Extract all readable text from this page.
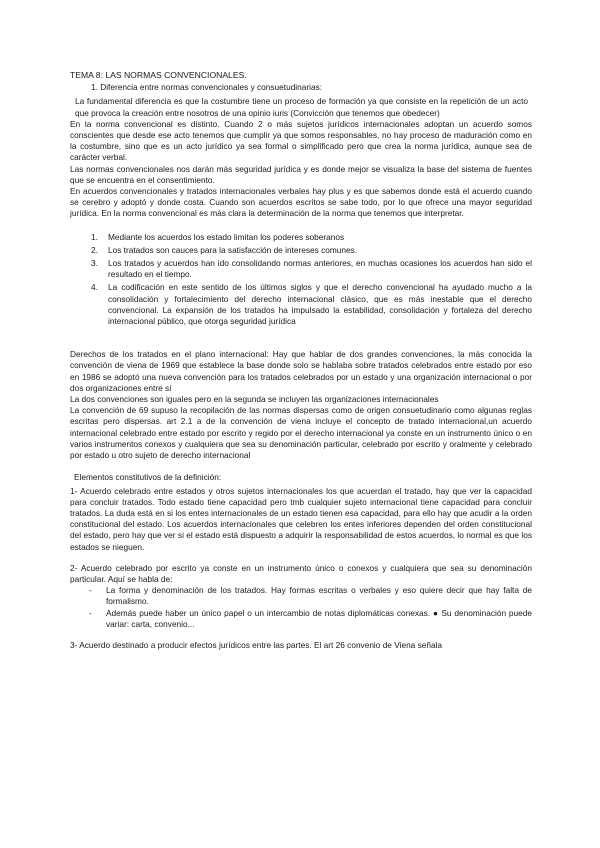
TEMA 8: LAS NORMAS CONVENCIONALES.
1. Diferencia entre normas convencionales y consuetudinarias:

La fundamental diferencia es que la costumbre tiene un proceso de formación ya que consiste en la repetición de un acto que provoca la creación entre nosotros de una opinio iuris (Convicción que tenemos que obedecer)

En la norma convencional es distinto. Cuando 2 o más sujetos jurídicos internacionales adoptan un acuerdo somos conscientes que desde ese acto tenemos que cumplir ya que somos responsables, no hay proceso de maduración como en la costumbre, sino que es un acto jurídico ya sea formal o simplificado pero que crea la norma jurídica, aunque sea de carácter verbal.

Las normas convencionales nos darán más seguridad jurídica y es donde mejor se visualiza la base del sistema de fuentes que se encuentra en el consentimiento.

En acuerdos convencionales y tratados internacionales verbales hay plus y es que sabemos donde está el acuerdo cuando se cerebro y adoptó y donde costa. Cuando son acuerdos escritos se sabe todo, por lo que ofrece una mayor seguridad jurídica. En la norma convencional es más clara la determinación de la norma que tenemos que interpretar.

1. Mediante los acuerdos los estado limitan los poderes soberanos
2. Los tratados son cauces para la satisfacción de intereses comunes.
3. Los tratados y acuerdos han ido consolidando normas anteriores, en muchas ocasiones los acuerdos han sido el resultado en el tiempo.
4. La codificación en este sentido de los últimos siglos y que el derecho convencional ha ayudado mucho a la consolidación y fortalecimiento del derecho internacional clásico, que es más inestable que el derecho convencional. La expansión de los tratados ha impulsado la estabilidad, consolidación y fortaleza del derecho internacional público, que otorga seguridad jurídica

Derechos de los tratados en el plano internacional: Hay que hablar de dos grandes convenciones, la más conocida la convención de viena de 1969 que establece la base donde solo se hablaba sobre tratados celebrados entre estado por eso en 1986 se adoptó una nueva convención para los tratados celebrados por un estado y una organización internacional o por dos organizaciones entre sí

La dos convenciones son iguales pero en la segunda se incluyen las organizaciones internacionales

La convención de 69 supuso la recopilación de las normas dispersas como de origen consuetudinario como algunas reglas escritas pero dispersas. art 2.1 a de la convención de viena incluye el concepto de tratado internacional,un acuerdo internacional celebrado entre estado por escrito y regido por el derecho internacional ya conste en un instrumento único o en varios instrumentos conexos y cualquiera que sea su denominación particular, celebrado por escrito y oralmente y celebrado por estado u otro sujeto de derecho internacional

Elementos constitutivos de la definición:

1- Acuerdo celebrado entre estados y otros sujetos internacionales los que acuerdan el tratado, hay que ver la capacidad para concluir tratados. Todo estado tiene capacidad pero tmb cualquier sujeto internacional tiene capacidad para concluir tratados. La duda está en si los entes internacionales de un estado tienen esa capacidad, para ello hay que acudir a la orden constitucional del estado. Los acuerdos internacionales que celebren los entes inferiores dependen del orden constitucional del estado, pero hay que ver si el estado está dispuesto a adquirir la responsabilidad de estos acuerdos, lo normal es que los estados se nieguen.

2- Acuerdo celebrado por escrito ya conste en un instrumento único o conexos y cualquiera que sea su denominación particular. Aquí se habla de:

- La forma y denominación de los tratados. Hay formas escritas o verbales y eso quiere decir que hay falta de formalismo.
- Además puede haber un único papel o un intercambio de notas diplomáticas conexas. ● Su denominación puede variar: carta, convenio...

3- Acuerdo destinado a producir efectos jurídicos entre las partes. El art 26 convenio de Viena señala
